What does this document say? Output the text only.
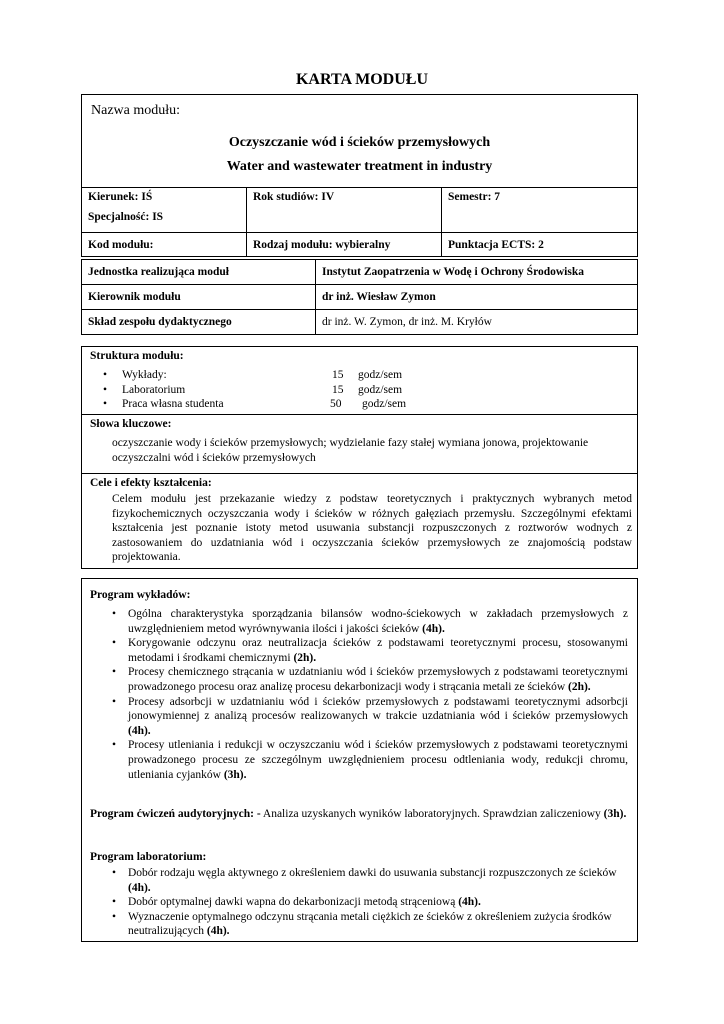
KARTA MODUŁU
Nazwa modułu:
Oczyszczanie wód i ścieków przemysłowych
Water and wastewater treatment in industry
Kierunek: IŚ
Specjalność: IS	Rok studiów: IV	Semestr: 7
Kod modułu:	Rodzaj modułu: wybieralny	Punktacja ECTS: 2
Jednostka realizująca moduł	Instytut Zaopatrzenia w Wodę i Ochrony Środowiska
Kierownik modułu	dr inż. Wiesław Zymon
Skład zespołu dydaktycznego	dr inż. W. Zymon, dr inż. M. Kryłów
Struktura modułu:
• Wykłady:	15 godz/sem
• Laboratorium	15 godz/sem
• Praca własna studenta	50 godz/sem
Słowa kluczowe:
oczyszczanie wody i ścieków przemysłowych; wydzielanie fazy stałej wymiana jonowa, projektowanie oczyszczalni wód i ścieków przemysłowych
Cele i efekty kształcenia:
Celem modułu jest przekazanie wiedzy z podstaw teoretycznych i praktycznych wybranych metod fizykochemicznych oczyszczania wody i ścieków w różnych gałęziach przemysłu. Szczególnymi efektami kształcenia jest poznanie istoty metod usuwania substancji rozpuszczonych z roztworów wodnych z zastosowaniem do uzdatniania wód i oczyszczania ścieków przemysłowych ze znajomością podstaw projektowania.
Program wykładów:
• Ogólna charakterystyka sporządzania bilansów wodno-ściekowych w zakładach przemysłowych z uwzględnieniem metod wyrównywania ilości i jakości ścieków (4h).
• Korygowanie odczynu oraz neutralizacja ścieków z podstawami teoretycznymi procesu, stosowanymi metodami i środkami chemicznymi (2h).
• Procesy chemicznego strącania w uzdatnianiu wód i ścieków przemysłowych z podstawami teoretycznymi prowadzonego procesu oraz analizę procesu dekarbonizacji wody i strącania metali ze ścieków (2h).
• Procesy adsorbcji w uzdatnianiu wód i ścieków przemysłowych z podstawami teoretycznymi adsorbcji jonowymiennej z analizą procesów realizowanych w trakcie uzdatniania wód i ścieków przemysłowych (4h).
• Procesy utleniania i redukcji w oczyszczaniu wód i ścieków przemysłowych z podstawami teoretycznymi prowadzonego procesu ze szczególnym uwzględnieniem procesu odtleniania wody, redukcji chromu, utleniania cyjanków (3h).
Program ćwiczeń audytoryjnych: - Analiza uzyskanych wyników laboratoryjnych. Sprawdzian zaliczeniowy (3h).
Program laboratorium:
• Dobór rodzaju węgla aktywnego z określeniem dawki do usuwania substancji rozpuszczonych ze ścieków (4h).
• Dobór optymalnej dawki wapna do dekarbonizacji metodą strąceniową (4h).
• Wyznaczenie optymalnego odczynu strącania metali ciężkich ze ścieków z określeniem zużycia środków neutralizujących (4h).
